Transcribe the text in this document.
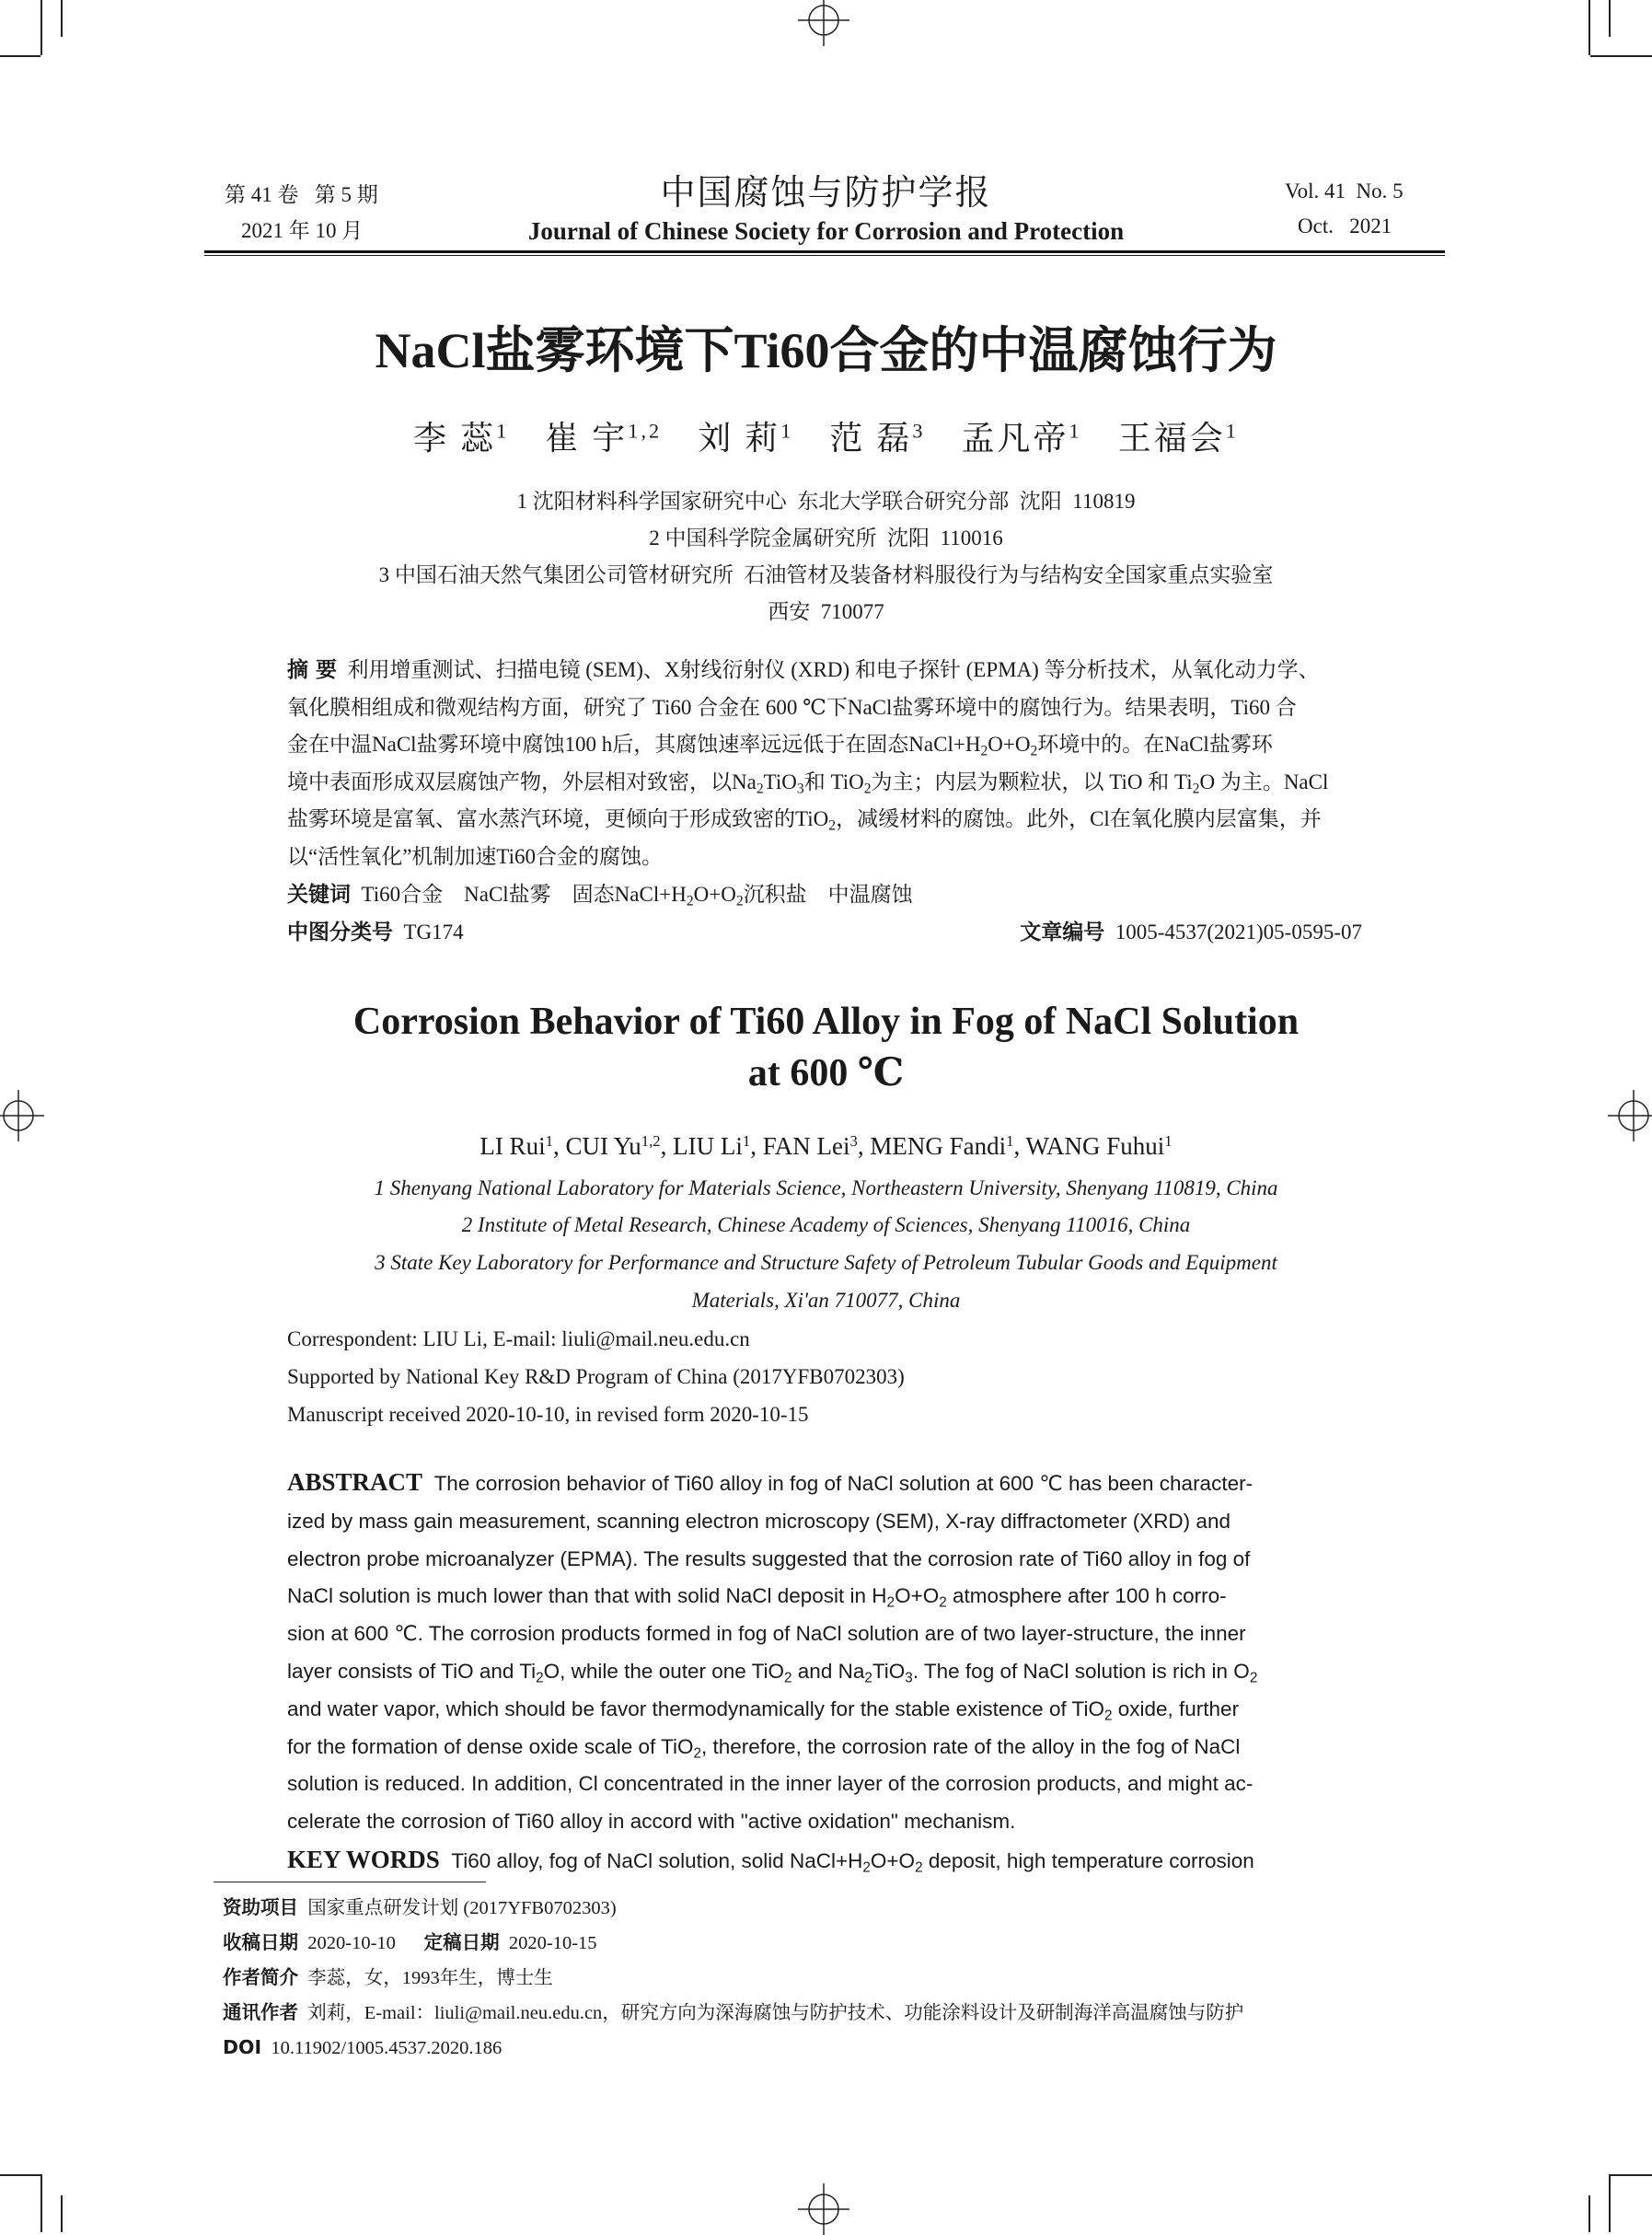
第 41 卷   第 5 期
2021 年 10 月
中国腐蚀与防护学报
Journal of Chinese Society for Corrosion and Protection
Vol. 41  No. 5
Oct.   2021
NaCl盐雾环境下Ti60合金的中温腐蚀行为
李 蕊$^1$  崔 宇$^{1,2}$  刘 莉$^1$  范 磊$^3$  孟凡帝$^1$  王福会$^1$
1 沈阳材料科学国家研究中心  东北大学联合研究分部  沈阳  110819
2 中国科学院金属研究所  沈阳  110016
3 中国石油天然气集团公司管材研究所  石油管材及装备材料服役行为与结构安全国家重点实验室
西安  710077
摘 要 利用增重测试、扫描电镜 (SEM)、X射线衍射仪 (XRD) 和电子探针 (EPMA) 等分析技术，从氧化动力学、
氧化膜相组成和微观结构方面，研究了 Ti60 合金在 600 ℃下NaCl盐雾环境中的腐蚀行为。结果表明，Ti60 合
金在中温NaCl盐雾环境中腐蚀100 h后，其腐蚀速率远远低于在固态$NaCl+H_2O+O_2$环境中的。在NaCl盐雾环
境中表面形成双层腐蚀产物，外层相对致密，以$Na_2TiO_3$和 TiO$_2$为主；内层为颗粒状，以 TiO 和 $Ti_2O$ 为主。NaCl
盐雾环境是富氧、富水蒸汽环境，更倾向于形成致密的TiO$_2$，减缓材料的腐蚀。此外，Cl在氧化膜内层富集，并
以“活性氧化”机制加速Ti60合金的腐蚀。
关键词 Ti60合金    NaCl盐雾    固态$NaCl+H_2O+O_2$沉积盐    中温腐蚀
中图分类号 TG174	文章编号 1005-4537(2021)05-0595-07
Corrosion Behavior of Ti60 Alloy in Fog of NaCl Solution
at 600 ℃
LI Rui$^1$, CUI Yu$^{1,2}$, LIU Li$^1$, FAN Lei$^3$, MENG Fandi$^1$, WANG Fuhui$^1$
1 Shenyang National Laboratory for Materials Science, Northeastern University, Shenyang 110819, China
2 Institute of Metal Research, Chinese Academy of Sciences, Shenyang 110016, China
3 State Key Laboratory for Performance and Structure Safety of Petroleum Tubular Goods and Equipment
Materials, Xi'an 710077, China
Correspondent: LIU Li, E-mail: liuli@mail.neu.edu.cn
Supported by National Key R&D Program of China (2017YFB0702303)
Manuscript received 2020-10-10, in revised form 2020-10-15
ABSTRACT The corrosion behavior of Ti60 alloy in fog of NaCl solution at 600 ℃ has been character-
ized by mass gain measurement, scanning electron microscopy (SEM), X-ray diffractometer (XRD) and
electron probe microanalyzer (EPMA). The results suggested that the corrosion rate of Ti60 alloy in fog of
NaCl solution is much lower than that with solid NaCl deposit in $H_2O+O_2$ atmosphere after 100 h corro-
sion at 600 ℃. The corrosion products formed in fog of NaCl solution are of two layer-structure, the inner
layer consists of TiO and $Ti_2O$, while the outer one TiO$_2$ and $Na_2TiO_3$. The fog of NaCl solution is rich in $O_2$
and water vapor, which should be favor thermodynamically for the stable existence of TiO$_2$ oxide, further
for the formation of dense oxide scale of TiO$_2$, therefore, the corrosion rate of the alloy in the fog of NaCl
solution is reduced. In addition, Cl concentrated in the inner layer of the corrosion products, and might ac-
celerate the corrosion of Ti60 alloy in accord with "active oxidation" mechanism.
KEY WORDS Ti60 alloy, fog of NaCl solution, solid $NaCl+H_2O+O_2$ deposit, high temperature corrosion
资助项目 国家重点研发计划 (2017YFB0702303)
收稿日期 2020-10-10      定稿日期  2020-10-15
作者简介 李蕊，女，1993年生，博士生
通讯作者 刘莉，E-mail：liuli@mail.neu.edu.cn，研究方向为深海腐蚀与防护技术、功能涂料设计及研制海洋高温腐蚀与防护
DOI 10.11902/1005.4537.2020.186
